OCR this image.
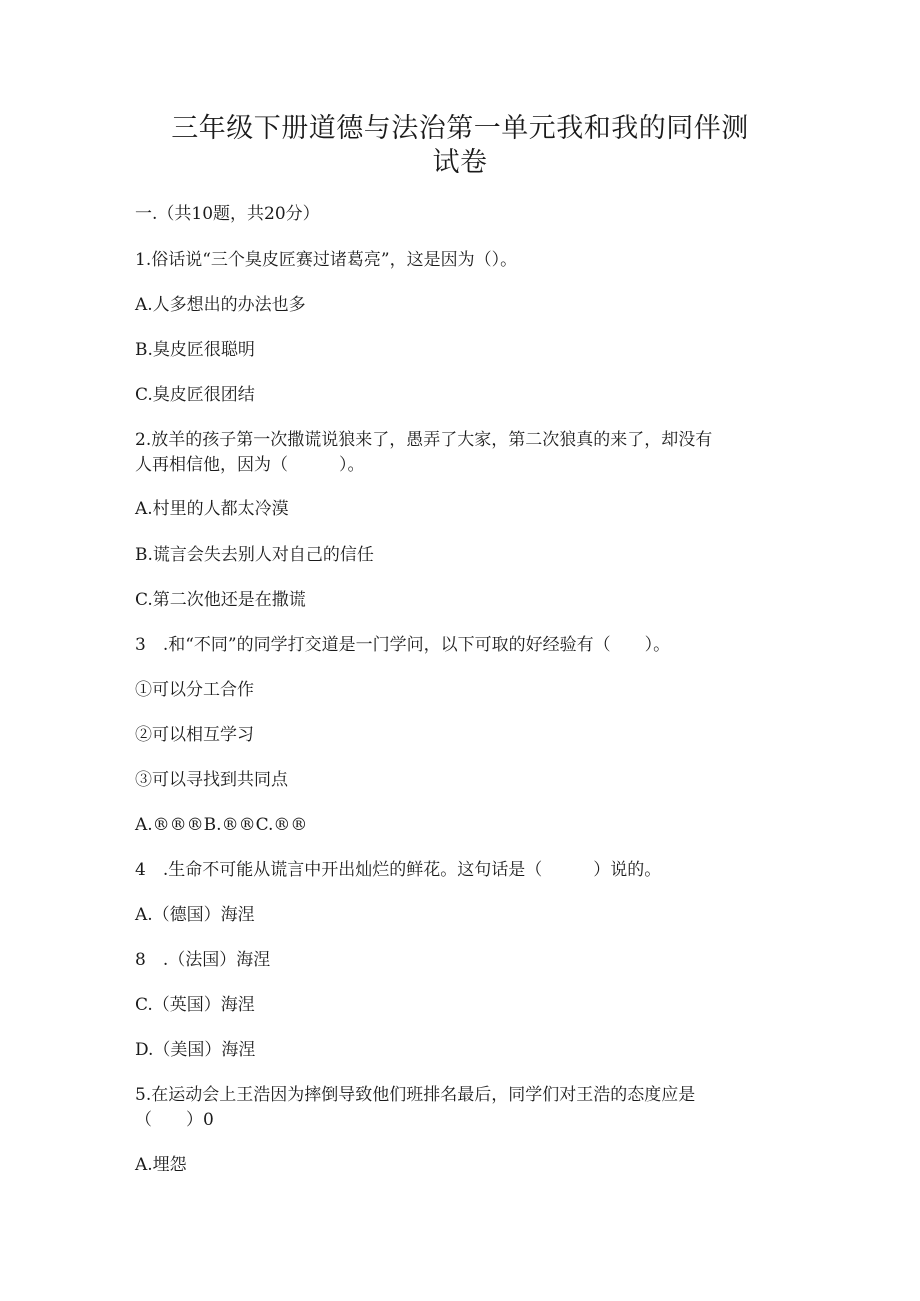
三年级下册道德与法治第一单元我和我的同伴测
试卷
一.（共10题，共20分）
1.俗话说“三个臭皮匠赛过诸葛亮”，这是因为（）。
A.人多想出的办法也多
B.臭皮匠很聪明
C.臭皮匠很团结
2.放羊的孩子第一次撒谎说狼来了，愚弄了大家，第二次狼真的来了，却没有
人再相信他，因为（　　　）。
A.村里的人都太冷漠
B.谎言会失去别人对自己的信任
C.第二次他还是在撒谎
3　.和“不同”的同学打交道是一门学问，以下可取的好经验有（　　）。
①可以分工合作
②可以相互学习
③可以寻找到共同点
A.®®®B.®®C.®®
4　.生命不可能从谎言中开出灿烂的鲜花。这句话是（　　　）说的。
A.（德国）海涅
8　.（法国）海涅
C.（英国）海涅
D.（美国）海涅
5.在运动会上王浩因为摔倒导致他们班排名最后，同学们对王浩的态度应是
（　　）0
A.埋怨
